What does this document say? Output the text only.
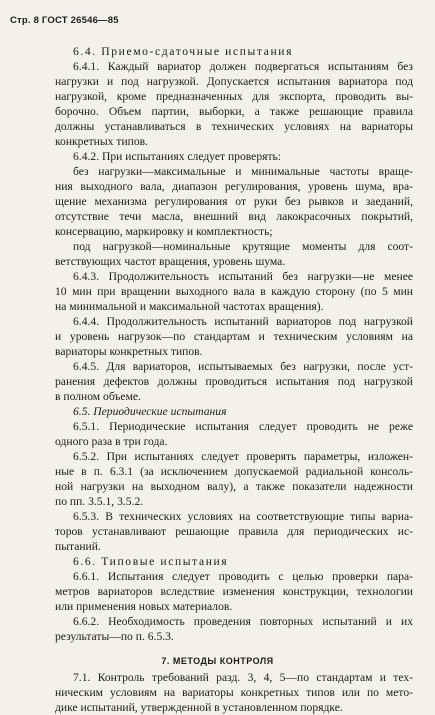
Стр. 8 ГОСТ 26546—85
6.4. Приемо-сдаточные испытания
6.4.1. Каждый вариатор должен подвергаться испытаниям без
нагрузки и под нагрузкой. Допускается испытания вариатора под
нагрузкой, кроме предназначенных для экспорта, проводить вы-
борочно. Объем партии, выборки, а также решающие правила
должны устанавливаться в технических условиях на вариаторы
конкретных типов.
6.4.2. При испытаниях следует проверять:
без нагрузки—максимальные и минимальные частоты враще-
ния выходного вала, диапазон регулирования, уровень шума, вра-
щение механизма регулирования от руки без рывков и заеданий,
отсутствие течи масла, внешний вид лакокрасочных покрытий,
консервацию, маркировку и комплектность;
под нагрузкой—номинальные крутящие моменты для соот-
ветствующих частот вращения, уровень шума.
6.4.3. Продолжительность испытаний без нагрузки—не менее
10 мин при вращении выходного вала в каждую сторону (по 5 мин
на минимальной и максимальной частотах вращения).
6.4.4. Продолжительность испытаний вариаторов под нагрузкой
и уровень нагрузок—по стандартам и техническим условиям на
вариаторы конкретных типов.
6.4.5. Для вариаторов, испытываемых без нагрузки, после уст-
ранения дефектов должны проводиться испытания под нагрузкой
в полном объеме.
6.5. Периодические испытания
6.5.1. Периодические испытания следует проводить не реже
одного раза в три года.
6.5.2. При испытаниях следует проверять параметры, изложен-
ные в п. 6.3.1 (за исключением допускаемой радиальной консоль-
ной нагрузки на выходном валу), а также показатели надежности
по пп. 3.5.1, 3.5.2.
6.5.3. В технических условиях на соответствующие типы вариа-
торов устанавливают решающие правила для периодических ис-
пытаний.
6.6. Типовые испытания
6.6.1. Испытания следует проводить с целью проверки пара-
метров вариаторов вследствие изменения конструкции, технологии
или применения новых материалов.
6.6.2. Необходимость проведения повторных испытаний и их
результаты—по п. 6.5.3.
7. МЕТОДЫ КОНТРОЛЯ
7.1. Контроль требований разд. 3, 4, 5—по стандартам и тех-
ническим условиям на вариаторы конкретных типов или по мето-
дике испытаний, утвержденной в установленном порядке.
